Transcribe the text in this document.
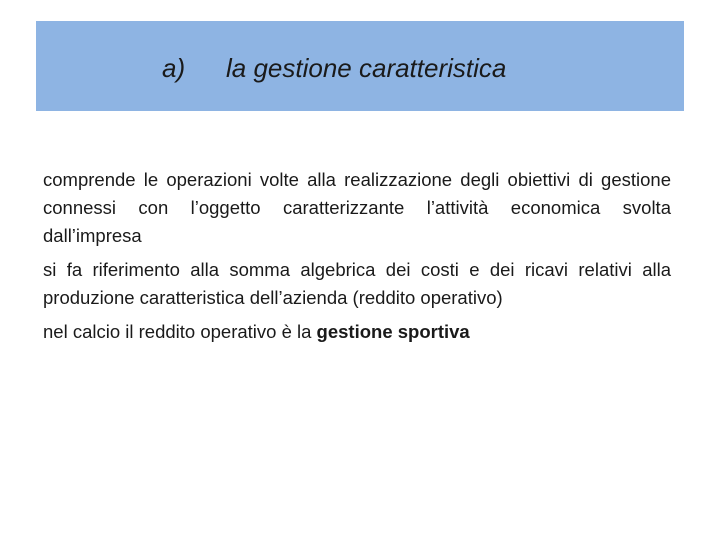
a) la gestione caratteristica

comprende le operazioni volte alla realizzazione degli obiettivi di gestione connessi con l’oggetto caratterizzante l’attività economica svolta dall’impresa

si fa riferimento alla somma algebrica dei costi e dei ricavi relativi alla produzione caratteristica dell’azienda (reddito operativo)

nel calcio il reddito operativo è la gestione sportiva
